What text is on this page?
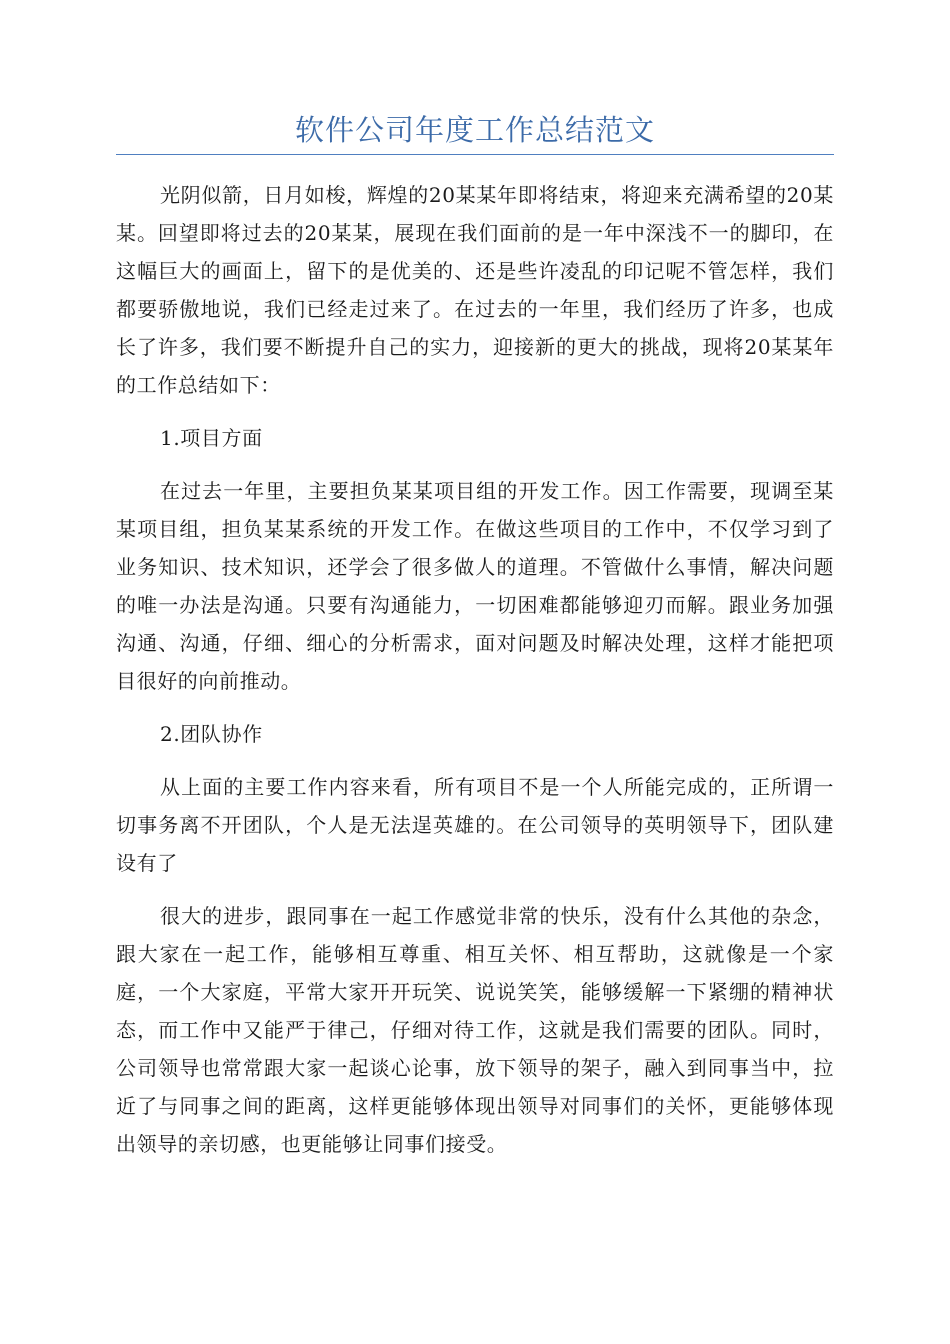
软件公司年度工作总结范文

光阴似箭，日月如梭，辉煌的20某某年即将结束，将迎来充满希望的20某某。回望即将过去的20某某，展现在我们面前的是一年中深浅不一的脚印，在这幅巨大的画面上，留下的是优美的、还是些许凌乱的印记呢不管怎样，我们都要骄傲地说，我们已经走过来了。在过去的一年里，我们经历了许多，也成长了许多，我们要不断提升自己的实力，迎接新的更大的挑战，现将20某某年的工作总结如下：

1.项目方面

在过去一年里，主要担负某某项目组的开发工作。因工作需要，现调至某某项目组，担负某某系统的开发工作。在做这些项目的工作中，不仅学习到了业务知识、技术知识，还学会了很多做人的道理。不管做什么事情，解决问题的唯一办法是沟通。只要有沟通能力，一切困难都能够迎刃而解。跟业务加强沟通、沟通，仔细、细心的分析需求，面对问题及时解决处理，这样才能把项目很好的向前推动。

2.团队协作

从上面的主要工作内容来看，所有项目不是一个人所能完成的，正所谓一切事务离不开团队，个人是无法逞英雄的。在公司领导的英明领导下，团队建设有了

很大的进步，跟同事在一起工作感觉非常的快乐，没有什么其他的杂念，跟大家在一起工作，能够相互尊重、相互关怀、相互帮助，这就像是一个家庭，一个大家庭，平常大家开开玩笑、说说笑笑，能够缓解一下紧绷的精神状态，而工作中又能严于律己，仔细对待工作，这就是我们需要的团队。同时，公司领导也常常跟大家一起谈心论事，放下领导的架子，融入到同事当中，拉近了与同事之间的距离，这样更能够体现出领导对同事们的关怀，更能够体现出领导的亲切感，也更能够让同事们接受。
